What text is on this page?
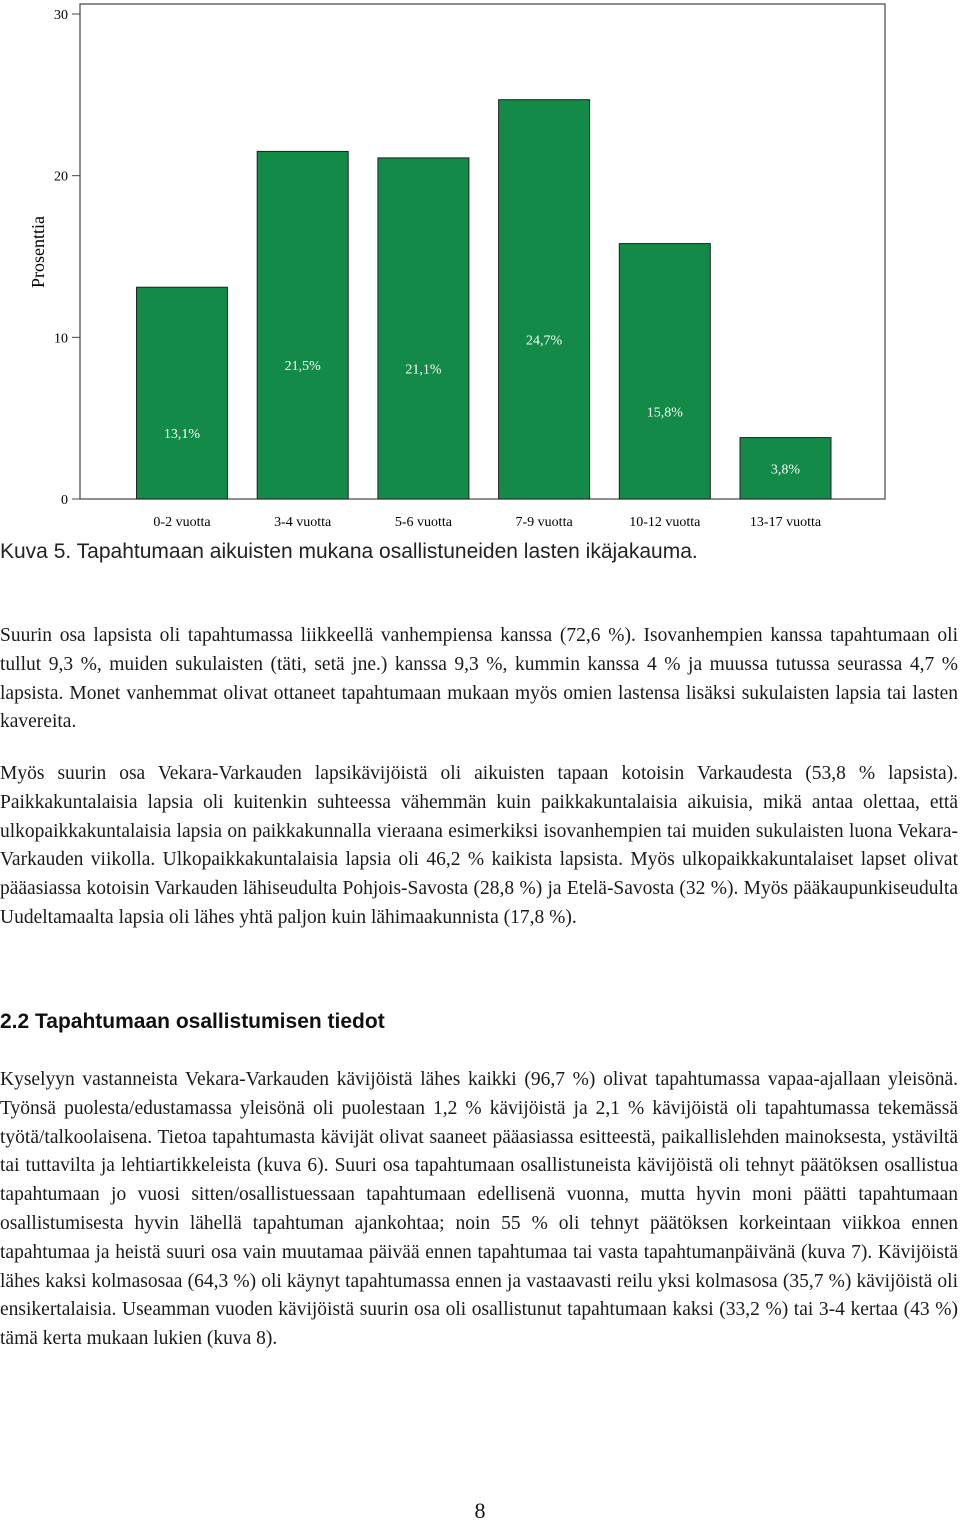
0
10
20
30
13,1%
21,5%	21,1%
24,7%
15,8%
3,8%
0-2 vuotta	3-4 vuotta	5-6 vuotta	7-9 vuotta	10-12 vuotta	13-17 vuotta
Prosenttia
Kuva 5. Tapahtumaan aikuisten mukana osallistuneiden lasten ikäjakauma.
Suurin osa lapsista oli tapahtumassa liikkeellä vanhempiensa kanssa (72,6 %). Isovanhempien kanssa tapahtumaan oli tullut 9,3 %, muiden sukulaisten (täti, setä jne.) kanssa 9,3 %, kummin kanssa 4 % ja muussa tutussa seurassa 4,7 % lapsista. Monet vanhemmat olivat ottaneet tapahtumaan mukaan myös omien lastensa lisäksi sukulaisten lapsia tai lasten kavereita.
Myös suurin osa Vekara-Varkauden lapsikävijöistä oli aikuisten tapaan kotoisin Varkaudesta (53,8 % lapsista). Paikkakuntalaisia lapsia oli kuitenkin suhteessa vähemmän kuin paikkakuntalaisia aikuisia, mikä antaa olettaa, että ulkopaikkakuntalaisia lapsia on paikkakunnalla vieraana esimerkiksi isovanhempien tai muiden sukulaisten luona Vekara-Varkauden viikolla. Ulkopaikkakuntalaisia lapsia oli 46,2 % kaikista lapsista. Myös ulkopaikkakuntalaiset lapset olivat pääasiassa kotoisin Varkauden lähiseudulta Pohjois-Savosta (28,8 %) ja Etelä-Savosta (32 %). Myös pääkaupunkiseudulta Uudeltamaalta lapsia oli lähes yhtä paljon kuin lähimaakunnista (17,8 %).
2.2 Tapahtumaan osallistumisen tiedot
Kyselyyn vastanneista Vekara-Varkauden kävijöistä lähes kaikki (96,7 %) olivat tapahtumassa vapaa-ajallaan yleisönä. Työnsä puolesta/edustamassa yleisönä oli puolestaan 1,2 % kävijöistä ja 2,1 % kävijöistä oli tapahtumassa tekemässä työtä/talkoolaisena. Tietoa tapahtumasta kävijät olivat saaneet pääasiassa esitteestä, paikallislehden mainoksesta, ystäviltä tai tuttavilta ja lehtiartikkeleista (kuva 6). Suuri osa tapahtumaan osallistuneista kävijöistä oli tehnyt päätöksen osallistua tapahtumaan jo vuosi sitten/osallistuessaan tapahtumaan edellisenä vuonna, mutta hyvin moni päätti tapahtumaan osallistumisesta hyvin lähellä tapahtuman ajankohtaa; noin 55 % oli tehnyt päätöksen korkeintaan viikkoa ennen tapahtumaa ja heistä suuri osa vain muutamaa päivää ennen tapahtumaa tai vasta tapahtumanpäivänä (kuva 7). Kävijöistä lähes kaksi kolmasosaa (64,3 %) oli käynyt tapahtumassa ennen ja vastaavasti reilu yksi kolmasosa (35,7 %) kävijöistä oli ensikertalaisia. Useamman vuoden kävijöistä suurin osa oli osallistunut tapahtumaan kaksi (33,2 %) tai 3-4 kertaa (43 %) tämä kerta mukaan lukien (kuva 8).
8
